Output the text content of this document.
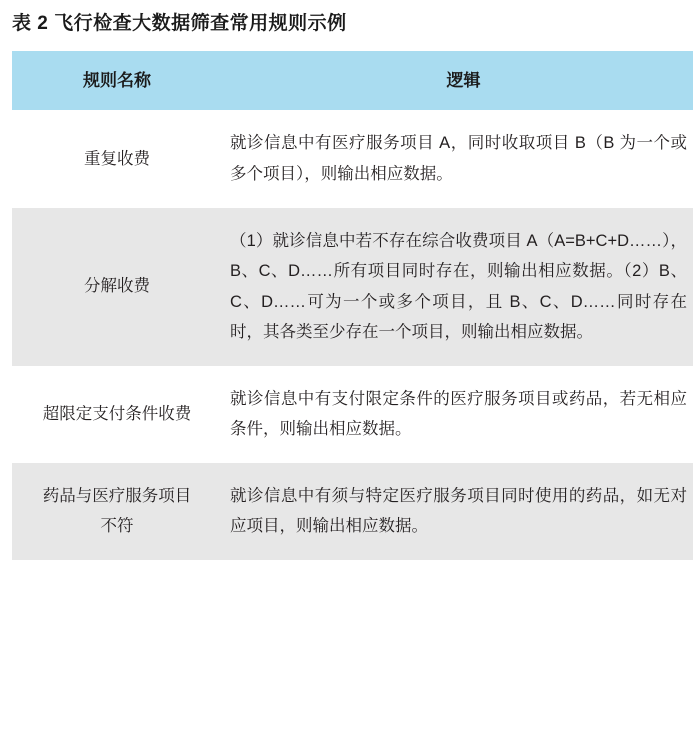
表 2 飞行检查大数据筛查常用规则示例
规则名称	逻辑
重复收费	就诊信息中有医疗服务项目 A，同时收取项目 B（B 为一个或多个项目），则输出相应数据。
分解收费	（1）就诊信息中若不存在综合收费项目 A（A=B+C+D……），B、C、D……所有项目同时存在，则输出相应数据。（2）B、C、D……可为一个或多个项目，且 B、C、D……同时存在时，其各类至少存在一个项目，则输出相应数据。
超限定支付条件收费	就诊信息中有支付限定条件的医疗服务项目或药品，若无相应条件，则输出相应数据。
药品与医疗服务项目不符	就诊信息中有须与特定医疗服务项目同时使用的药品，如无对应项目，则输出相应数据。
